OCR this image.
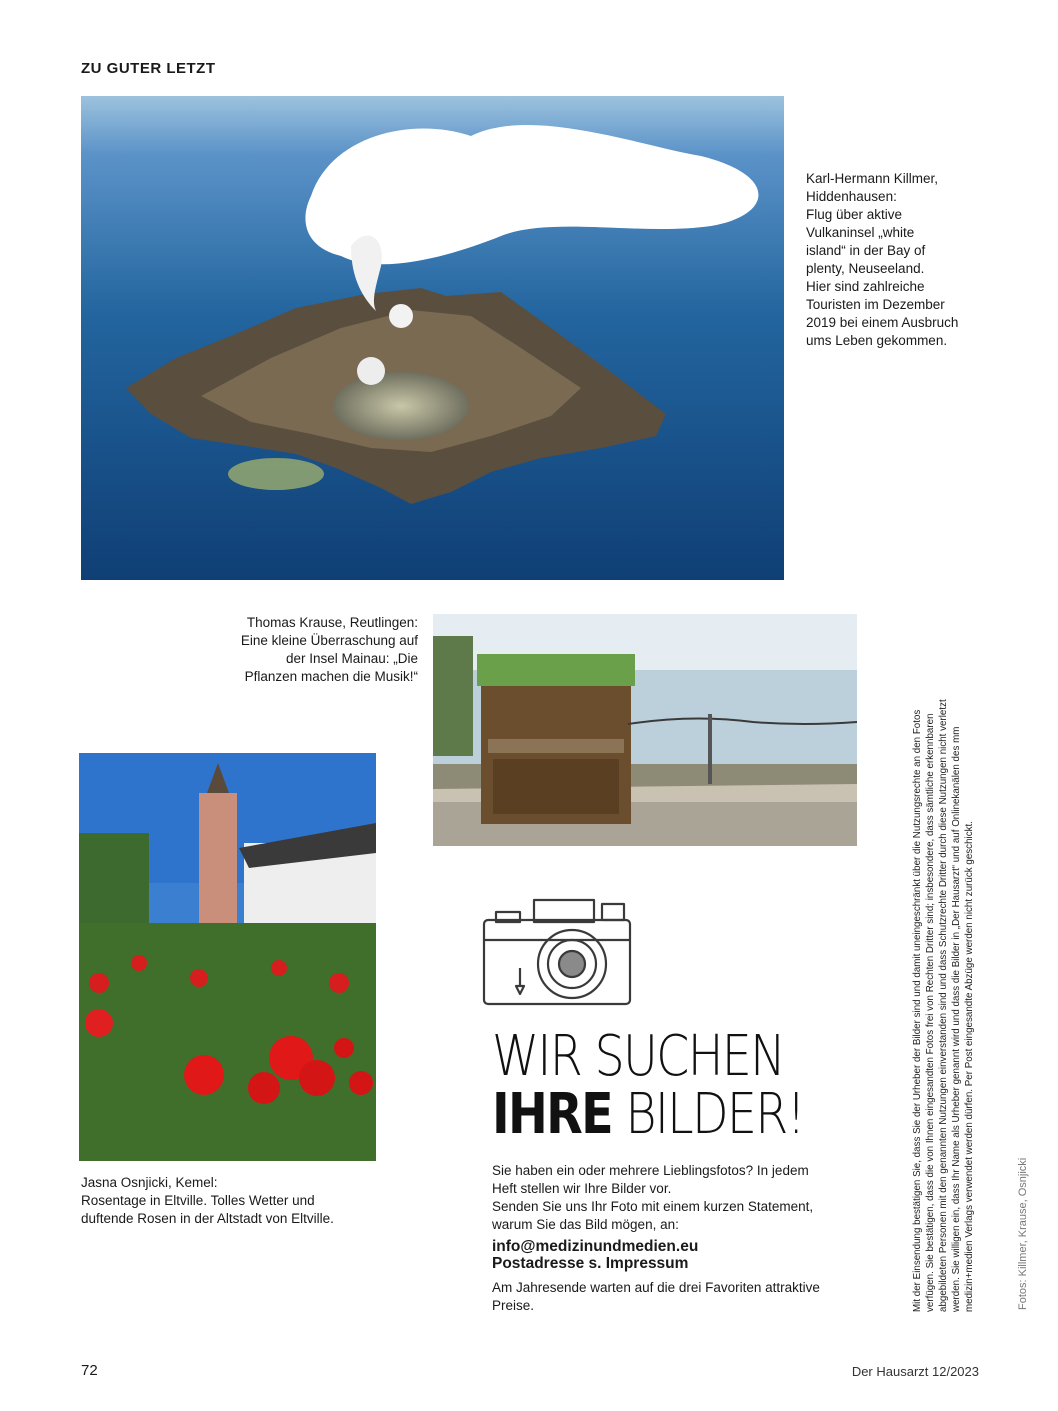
ZU GUTER LETZT
Karl-Hermann Killmer,
Hiddenhausen:
Flug über aktive
Vulkaninsel „white
island“ in der Bay of
plenty, Neuseeland.
Hier sind zahlreiche
Touristen im Dezember
2019 bei einem Ausbruch
ums Leben gekommen.
Thomas Krause, Reutlingen:
Eine kleine Überraschung auf
der Insel Mainau: „Die
Pflanzen machen die Musik!“
Jasna Osnjicki, Kemel:
Rosentage in Eltville. Tolles Wetter und
duftende Rosen in der Altstadt von Eltville.
WIR SUCHEN
IHRE BILDER!
Sie haben ein oder mehrere Lieblingsfotos? In jedem
Heft stellen wir Ihre Bilder vor.
Senden Sie uns Ihr Foto mit einem kurzen Statement,
warum Sie das Bild mögen, an:
info@medizinundmedien.eu
Postadresse s. Impressum
Am Jahresende warten auf die drei Favoriten attraktive
Preise.	Mit der Einsendung bestätigen Sie, dass Sie der Urheber der Bilder sind und damit uneingeschränkt über die Nutzungsrechte an den Fotos verfügen. Sie bestätigen, dass die von Ihnen eingesandten Fotos frei von Rechten Dritter sind; insbesondere, dass sämtliche erkennbaren abgebildeten Personen mit den genannten Nutzungen einverstanden sind und dass Schutzrechte Dritter durch diese Nutzungen nicht verletzt werden. Sie willigen ein, dass Ihr Name als Urheber genannt wird und dass die Bilder in „Der Hausarzt“ und auf Onlinekanälen des mm medizin+medien Verlags verwendet werden dürfen. Per Post eingesandte Abzüge werden nicht zurück geschickt.	Fotos: Killmer, Krause, Osnjicki
72	Der Hausarzt 12/2023
